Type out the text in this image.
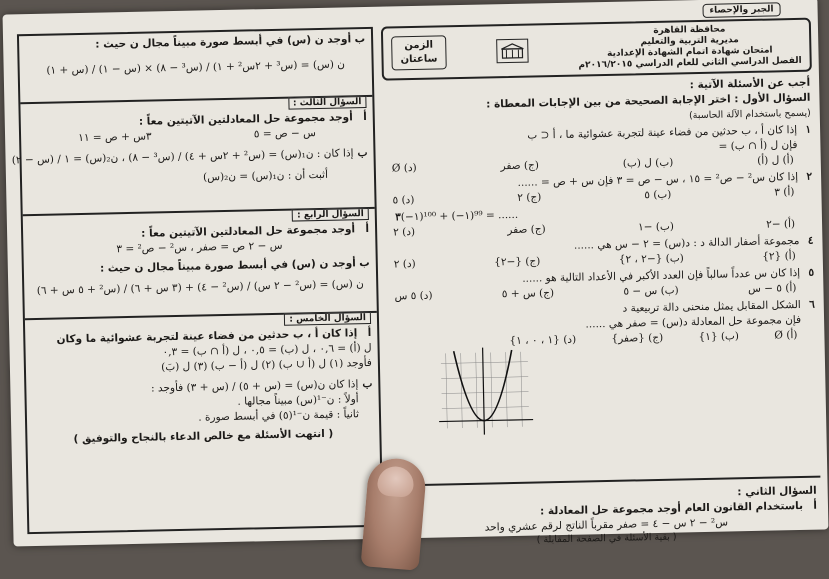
بأوجد ن (س) في أبسط صورة مبيناً مجال ن حيث :
ن (س) = (س³ + ٢س² + ١) / (س³ − ٨) × (س − ١) / (س + ١)
السؤال الثالث :
أأوجد مجموعة حل المعادلتين الآتيتين معاً :
س − ص = ٥
٣س + ص = ١١
بإذا كان : ن₁(س) = (س² + ٢س + ٤) / (س³ − ٨) ، ن₂(س) = ١ / (س − ٢)
أثبت أن : ن₁(س) = ن₂(س)
السؤال الرابع :
أأوجد مجموعة حل المعادلتين الآتيتين معاً :
س − ٢ ص = صفر ، س² − ص² = ٣
بأوجد ن (س) في أبسط صورة مبيناً مجال ن حيث :
ن (س) = (س² − ٢ س) / (س² − ٤) + (٣ س + ٦) / (س² + ٥ س + ٦)
السؤال الخامس :
أإذا كان أ ، ب حدثين من فضاء عينة لتجربة عشوائية ما وكان
ل (أ) = ٠,٦ ، ل (ب) = ٠,٥ ، ل (أ ∩ ب) = ٠,٣
فأوجد (١) ل (أ ∪ ب) (٢) ل (أ − ب) (٣) ل (بَ)
بإذا كان ن(س) = (س + ٥) / (س + ٣) فأوجد :
أولاً : ن⁻¹(س) مبيناً مجالها .
ثانياً : قيمة ن⁻¹(٥) في أبسط صورة .
( انتهت الأسئلة مع خالص الدعاء بالنجاح والتوفيق )
الجبر والإحصاء
محافظة القاهرة
مديرية التربية والتعليم
امتحان شهادة اتمام الشهادة الإعدادية
الفصل الدراسي الثاني للعام الدراسي ٢٠١٦/٢٠١٥م
الزمن
ساعتان
أجب عن الأسئلة الآتية :
السؤال الأول : اختر الإجابة الصحيحة من بين الإجابات المعطاة :
(يسمح باستخدام الآلة الحاسبة)
١إذا كان أ ، ب حدثين من فضاء عينة لتجربة عشوائية ما ، أ ⊂ ب
فإن ل (أ ∩ ب) =
(أ) ل (أ)
(ب) ل (ب)
(ج) صفر
(د) Ø
٢إذا كان س² − ص² = ١٥ ، س − ص = ٣ فإن س + ص = ......
(أ) ٣
(ب) ٥
(ج) ٢
(د) ٥
٣(−١)¹⁰⁰ + (−١)⁹⁹ = ......
(أ) −٢
(ب) −١
(ج) صفر
(د) ٢
٤مجموعة أصفار الدالة د : د(س) = ٢ − س هي ......
(أ) {٢}
(ب) {−٢ ، ٢}
(ج) {−٢}
(د) ٢
٥إذا كان س عدداً سالباً فإن العدد الأكبر في الأعداد التالية هو ......
(أ) ٥ − س
(ب) س − ٥
(ج) س + ٥
(د) ٥ س
٦الشكل المقابل يمثل منحنى دالة تربيعية د
فإن مجموعة حل المعادلة د(س) = صفر هي ......
(أ) Ø
(ب) {١}
(ج) {صفر}
(د) {١ ، ٠ ، ١}
السؤال الثاني :
أباستخدام القانون العام أوجد مجموعة حل المعادلة :
س² − ٢ س − ٤ = صفر مقرباً الناتج لرقم عشري واحد
( بقية الأسئلة في الصفحة المقابلة )
